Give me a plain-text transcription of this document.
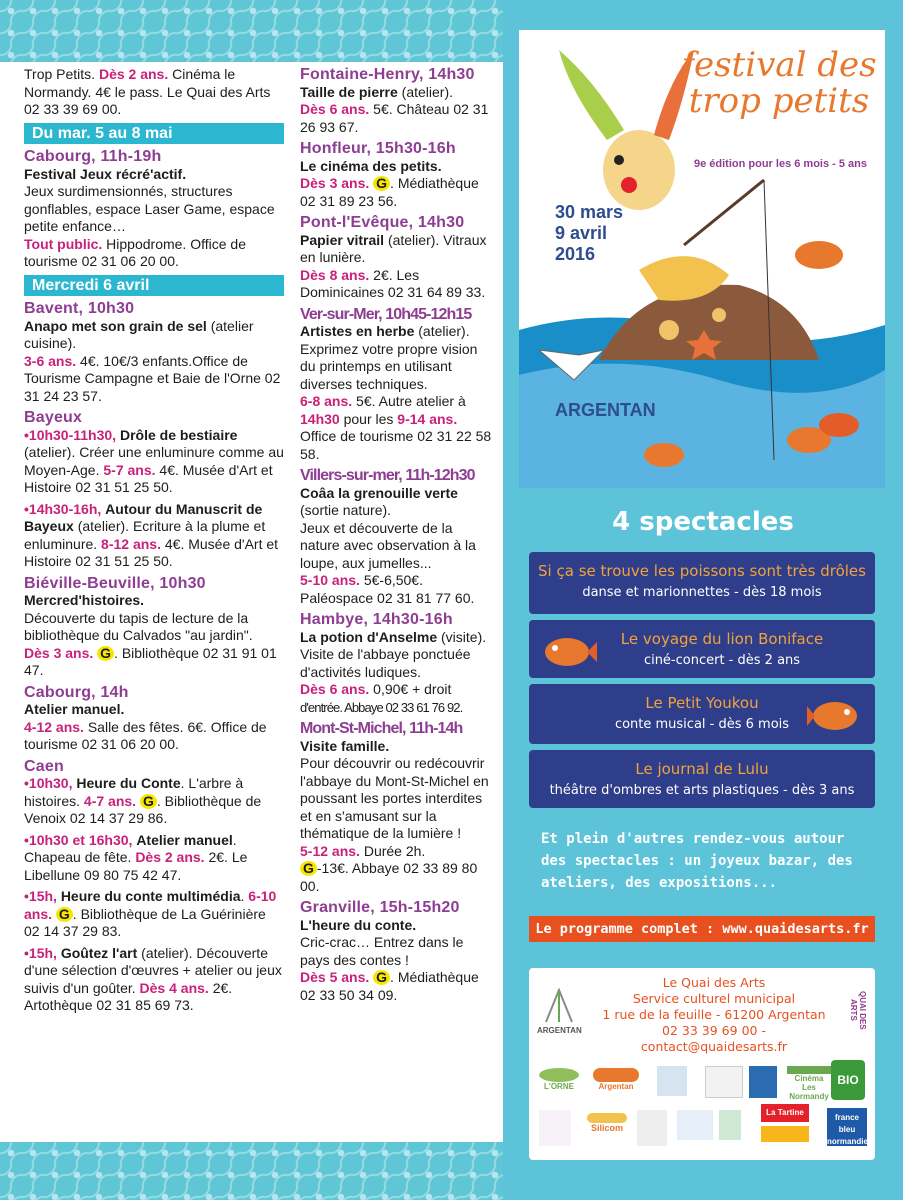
Trop Petits. Dès 2 ans. Cinéma le Normandy. 4€ le pass. Le Quai des Arts 02 33 39 69 00.

Du mar. 5 au 8 mai
Cabourg, 11h-19h
Festival Jeux récré'actif.
Jeux surdimensionnés, structures gonflables, espace Laser Game, espace petite enfance…
Tout public. Hippodrome. Office de tourisme 02 31 06 20 00.
Mercredi 6 avril
Bavent, 10h30
Anapo met son grain de sel (atelier cuisine).
3-6 ans. 4€. 10€/3 enfants.Office de Tourisme Campagne et Baie de l'Orne 02 31 24 23 57.
Bayeux
•10h30-11h30, Drôle de bestiaire (atelier). Créer une enluminure comme au Moyen-Age. 5-7 ans. 4€. Musée d'Art et Histoire 02 31 51 25 50.
•14h30-16h, Autour du Manuscrit de Bayeux (atelier). Ecriture à la plume et enluminure. 8-12 ans. 4€. Musée d'Art et Histoire 02 31 51 25 50.
Biéville-Beuville, 10h30
Mercred'histoires.
Découverte du tapis de lecture de la bibliothèque du Calvados "au jardin".
Dès 3 ans. G . Bibliothèque 02 31 91 01 47.
Cabourg, 14h
Atelier manuel.
4-12 ans. Salle des fêtes. 6€. Office de tourisme 02 31 06 20 00.
Caen
•10h30, Heure du Conte. L'arbre à histoires. 4-7 ans. G . Bibliothèque de Venoix 02 14 37 29 86.
•10h30 et 16h30, Atelier manuel. Chapeau de fête. Dès 2 ans. 2€. Le Libellune 09 80 75 42 47.
•15h, Heure du conte multimédia. 6-10 ans. G . Bibliothèque de La Guérinière 02 14 37 29 83.
•15h, Goûtez l'art (atelier). Découverte d'une sélection d'œuvres + atelier ou jeux suivis d'un goûter. Dès 4 ans. 2€. Artothèque 02 31 85 69 73.
Fontaine-Henry, 14h30
Taille de pierre (atelier).
Dès 6 ans. 5€. Château 02 31 26 93 67.
Honfleur, 15h30-16h
Le cinéma des petits.
Dès 3 ans. G . Médiathèque 02 31 89 23 56.
Pont-l'Evêque, 14h30
Papier vitrail (atelier). Vitraux en lunière.
Dès 8 ans. 2€. Les Dominicaines 02 31 64 89 33.
Ver-sur-Mer, 10h45-12h15
Artistes en herbe (atelier).
Exprimez votre propre vision du printemps en utilisant diverses techniques.
6-8 ans. 5€. Autre atelier à 14h30 pour les 9-14 ans. Office de tourisme 02 31 22 58 58.
Villers-sur-mer, 11h-12h30
Coâa la grenouille verte (sortie nature).
Jeux et découverte de la nature avec observation à la loupe, aux jumelles...
5-10 ans. 5€-6,50€. Paléospace 02 31 81 77 60.
Hambye, 14h30-16h
La potion d'Anselme (visite).
Visite de l'abbaye ponctuée d'activités ludiques.
Dès 6 ans. 0,90€ + droit
d'entrée. Abbaye 02 33 61 76 92.
Mont-St-Michel, 11h-14h
Visite famille.
Pour découvrir ou redécouvrir l'abbaye du Mont-St-Michel en poussant les portes interdites et en s'amusant sur la thématique de la lumière !
5-12 ans. Durée 2h.
G -13€. Abbaye 02 33 89 80 00.
Granville, 15h-15h20
L'heure du conte.
Cric-crac… Entrez dans le pays des contes !
Dès 5 ans. G . Médiathèque 02 33 50 34 09.
festival des
trop petits
9e édition pour les 6 mois - 5 ans
30 mars
9 avril
2016
ARGENTAN
4 spectacles
Si ça se trouve les poissons sont très drôles
danse et marionnettes - dès 18 mois
Le voyage du lion Boniface
ciné-concert - dès 2 ans
Le Petit Youkou
conte musical - dès 6 mois
Le journal de Lulu
théâtre d'ombres et arts plastiques - dès 3 ans
Et plein d'autres rendez-vous autour des spectacles : un joyeux bazar, des ateliers, des expositions...
Le programme complet : www.quaidesarts.fr
Le Quai des Arts
Service culturel municipal
1 rue de la feuille - 61200 Argentan
02 33 39 69 00 - contact@quaidesarts.fr
ARGENTAN
QUAI DES ARTS
L'ORNE	Argentan
Cinéma Les Normandy
BIO
Silicom
La Tartine
france bleu normandie
